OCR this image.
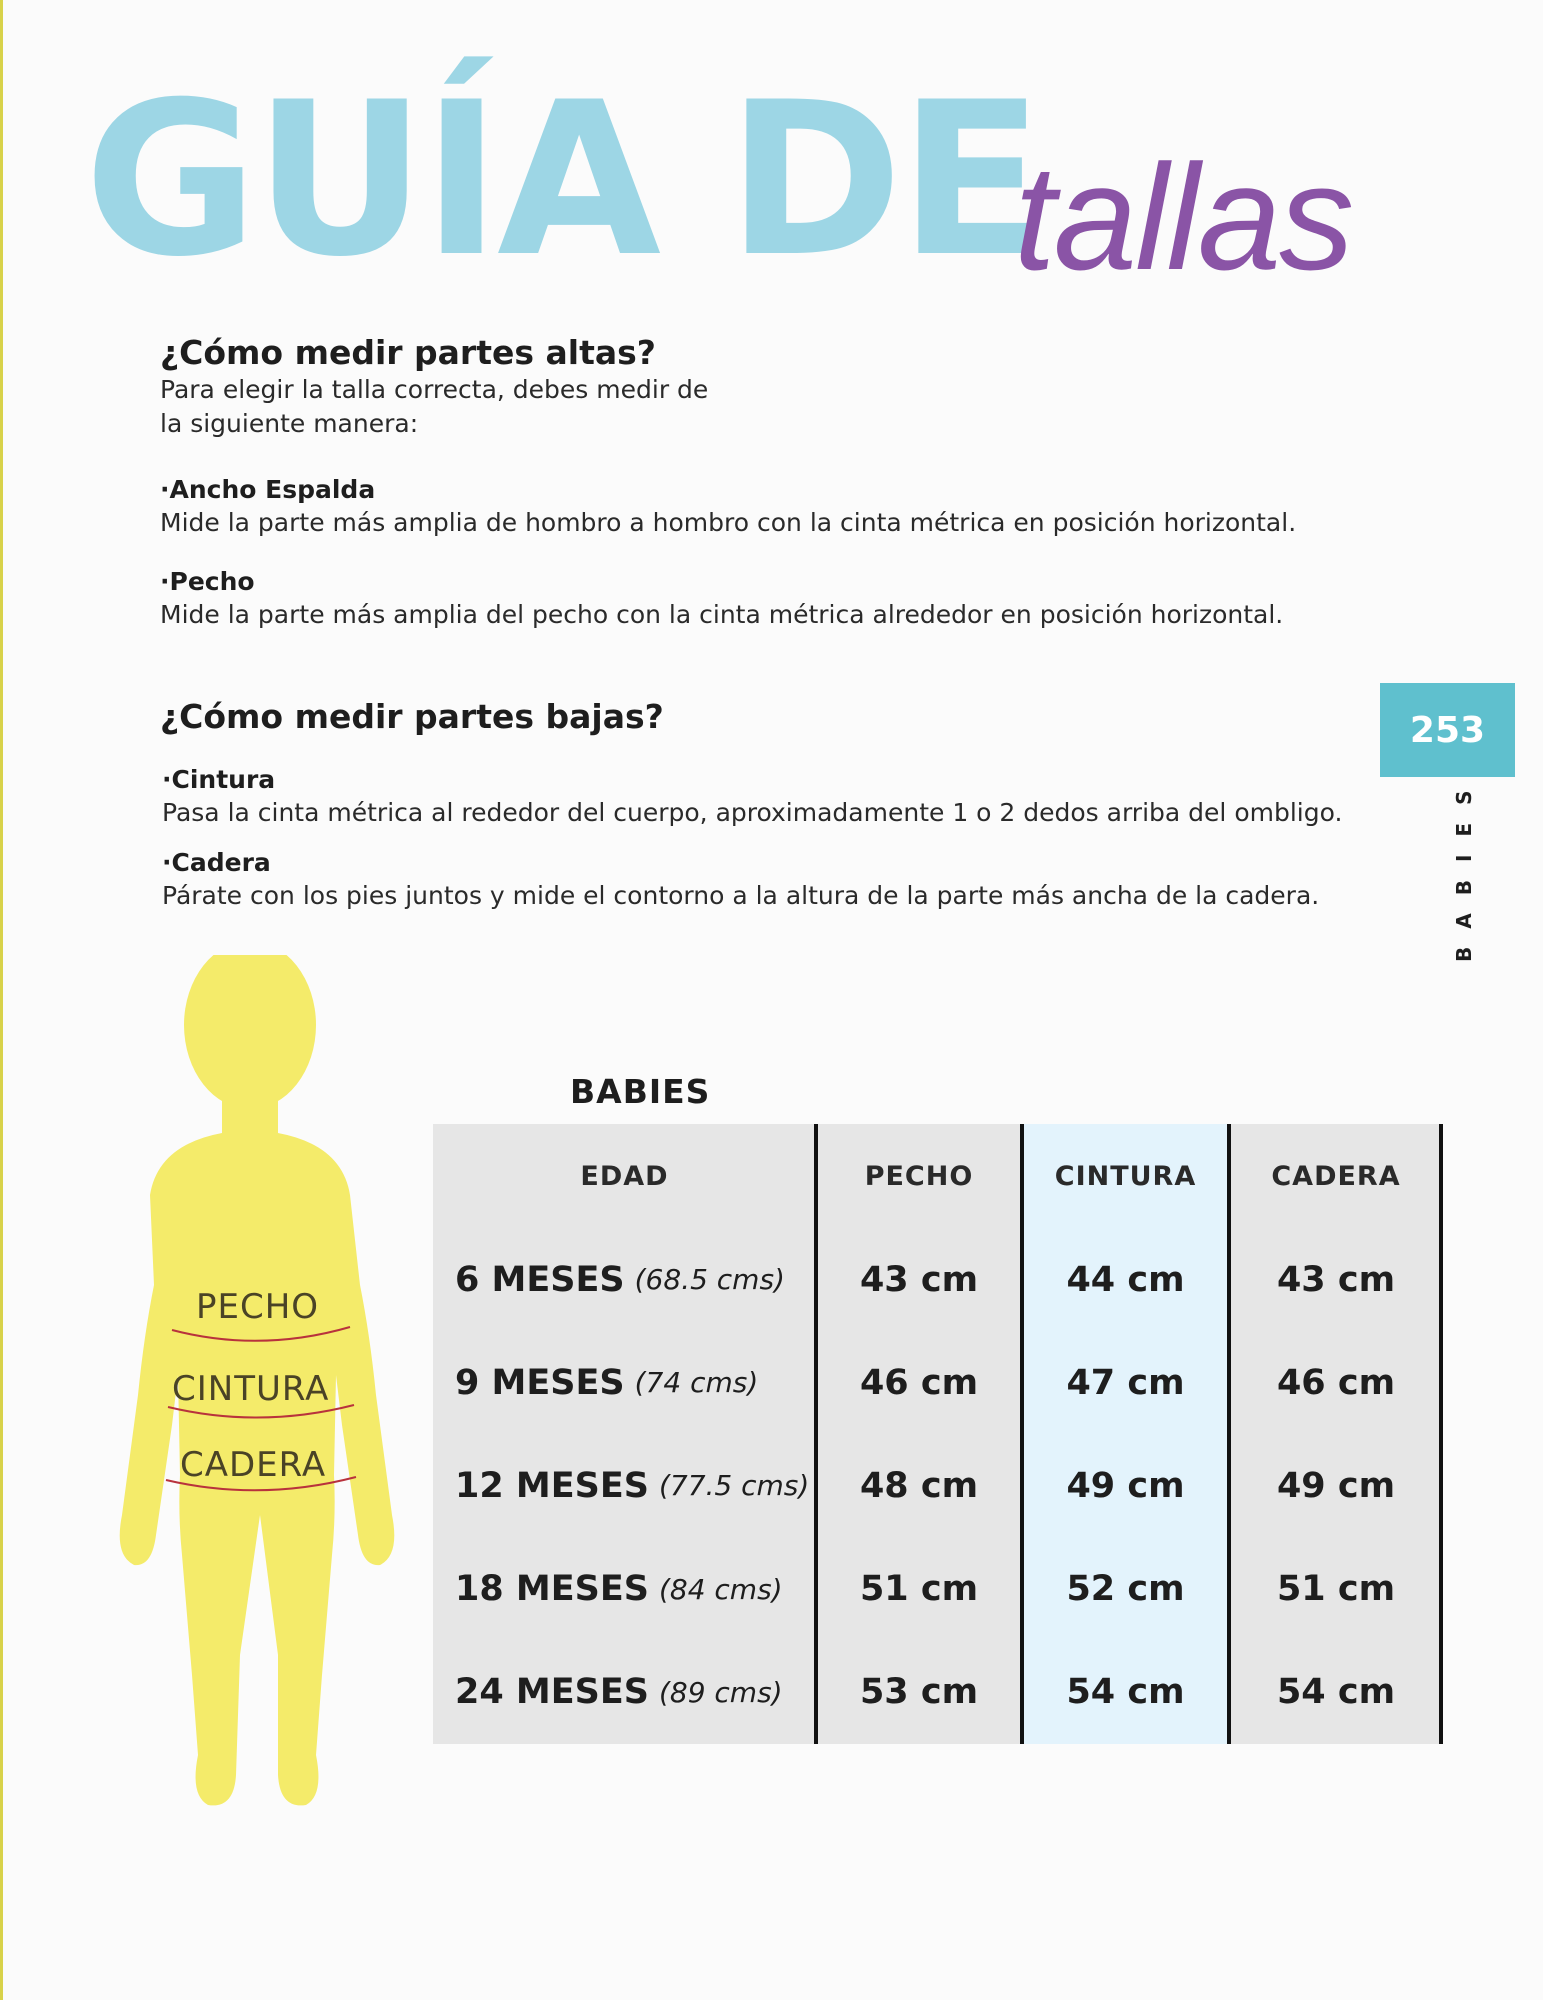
GUÍA DE
tallas
¿Cómo medir partes altas?

Para elegir la talla correcta, debes medir de

la siguiente manera:

·Ancho Espalda

Mide la parte más amplia de hombro a hombro con la cinta métrica en posición horizontal.

·Pecho

Mide la parte más amplia del pecho con la cinta métrica alrededor en posición horizontal.

¿Cómo medir partes bajas?

·Cintura

Pasa la cinta métrica al rededor del cuerpo, aproximadamente 1 o 2 dedos arriba del ombligo.

·Cadera

Párate con los pies juntos y mide el contorno a la altura de la parte más ancha de la cadera.

253
BABIES
PECHO
CINTURA
CADERA
BABIES
EDAD	PECHO	CINTURA	CADERA
6 MESES (68.5 cms)	43 cm	44 cm	43 cm
9 MESES (74 cms)	46 cm	47 cm	46 cm
12 MESES (77.5 cms)	48 cm	49 cm	49 cm
18 MESES (84 cms)	51 cm	52 cm	51 cm
24 MESES (89 cms)	53 cm	54 cm	54 cm
